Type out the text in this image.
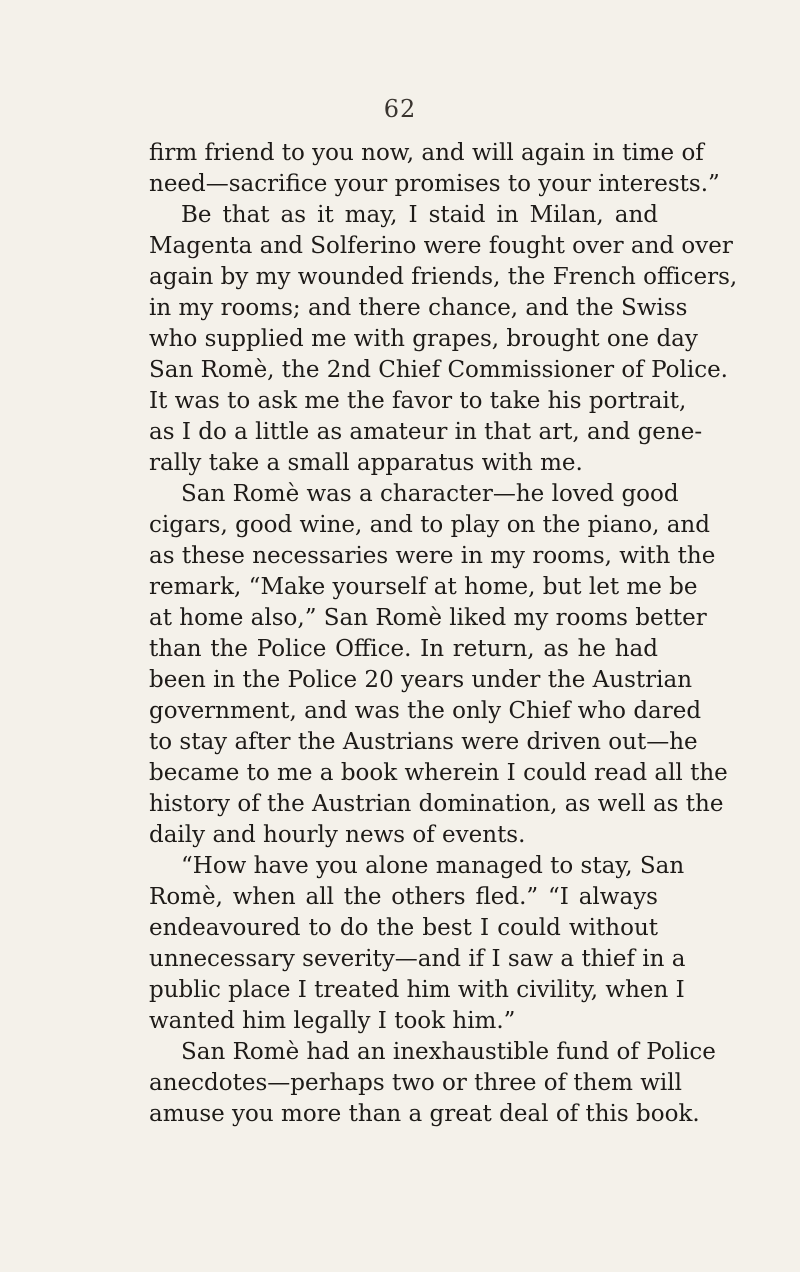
62
firm friend to you now, and will again in time of
need—sacrifice your promises to your interests.”
Be that as it may, I staid in Milan, and
Magenta and Solferino were fought over and over
again by my wounded friends, the French officers,
in my rooms; and there chance, and the Swiss
who supplied me with grapes, brought one day
San Romè, the 2nd Chief Commissioner of Police.
It was to ask me the favor to take his portrait,
as I do a little as amateur in that art, and gene-
rally take a small apparatus with me.
San Romè was a character—he loved good
cigars, good wine, and to play on the piano, and
as these necessaries were in my rooms, with the
remark, “Make yourself at home, but let me be
at home also,” San Romè liked my rooms better
than the Police Office. In return, as he had
been in the Police 20 years under the Austrian
government, and was the only Chief who dared
to stay after the Austrians were driven out—he
became to me a book wherein I could read all the
history of the Austrian domination, as well as the
daily and hourly news of events.
“How have you alone managed to stay, San
Romè, when all the others fled.” “I always
endeavoured to do the best I could without
unnecessary severity—and if I saw a thief in a
public place I treated him with civility, when I
wanted him legally I took him.”
San Romè had an inexhaustible fund of Police
anecdotes—perhaps two or three of them will
amuse you more than a great deal of this book.
